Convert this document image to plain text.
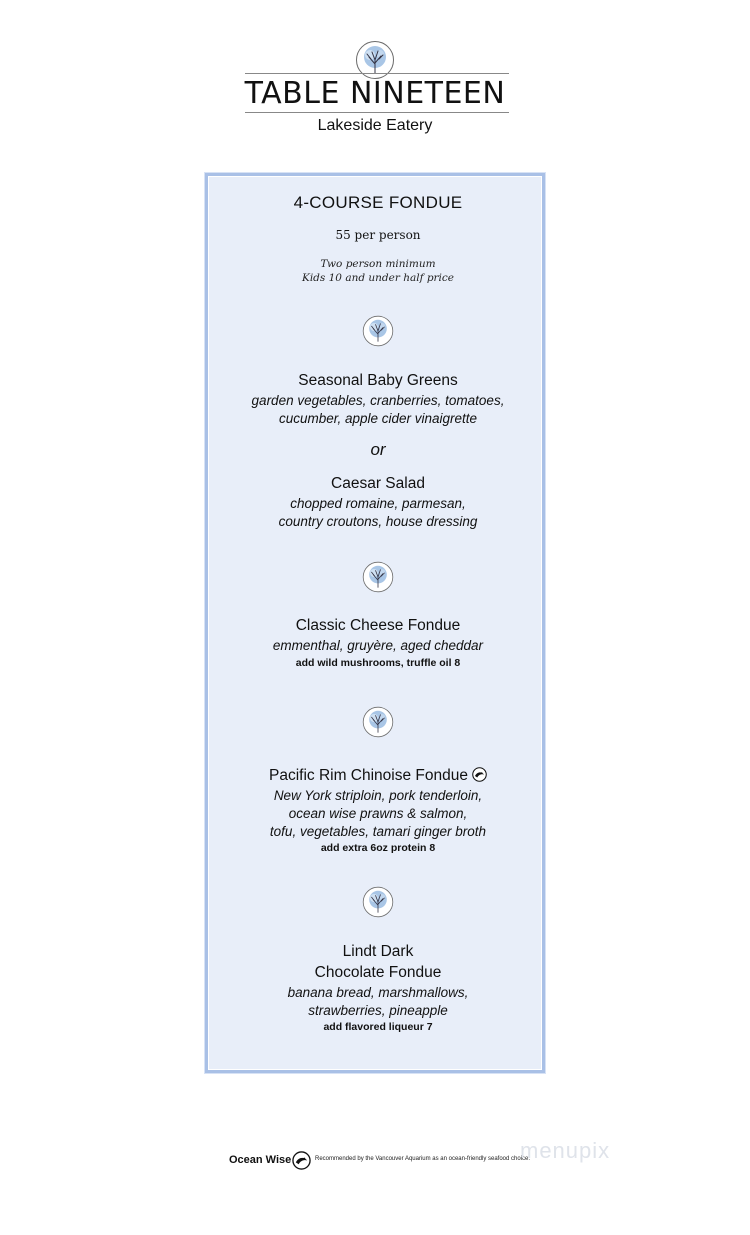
TABLE NINETEEN
Lakeside Eatery
4-COURSE FONDUE
55 per person
Two person minimum
Kids 10 and under half price
Seasonal Baby Greens
garden vegetables, cranberries, tomatoes,
cucumber, apple cider vinaigrette
or
Caesar Salad
chopped romaine, parmesan,
country croutons, house dressing
Classic Cheese Fondue
emmenthal, gruyère, aged cheddar
add wild mushrooms, truffle oil 8
Pacific Rim Chinoise Fondue
New York striploin, pork tenderloin,
ocean wise prawns & salmon,
tofu, vegetables, tamari ginger broth
add extra 6oz protein 8
Lindt Dark
Chocolate Fondue
banana bread, marshmallows,
strawberries, pineapple
add flavored liqueur 7
Ocean Wise	Recommended by the Vancouver Aquarium as an ocean-friendly seafood choice.
menupix
